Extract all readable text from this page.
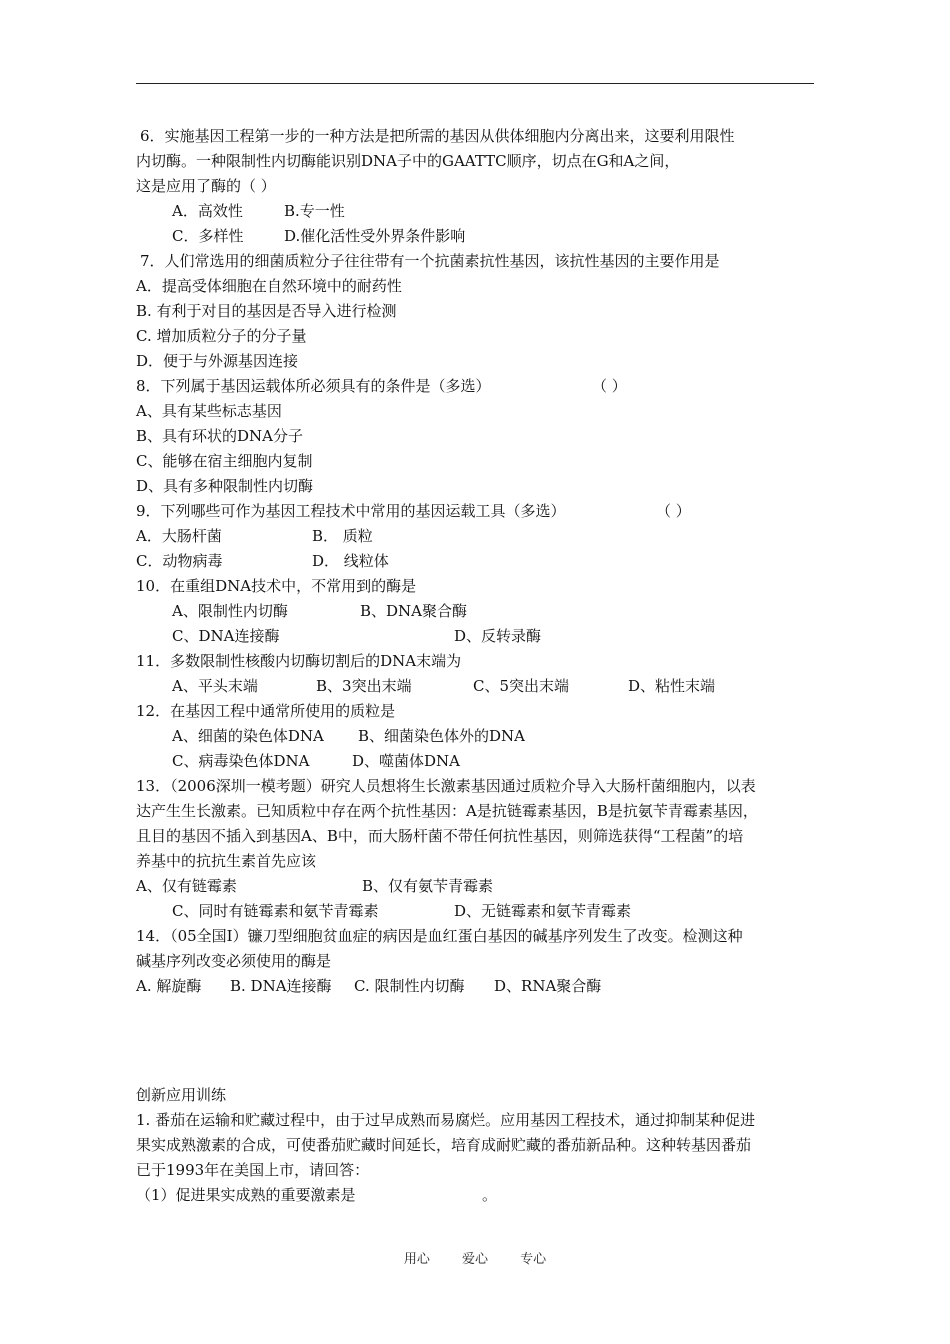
6．实施基因工程第一步的一种方法是把所需的基因从供体细胞内分离出来，这要利用限性
内切酶。一种限制性内切酶能识别DNA子中的GAATTC顺序，切点在G和A之间，
这是应用了酶的（ ）
A．高效性	B.专一性
C．多样性	D.催化活性受外界条件影响
7．人们常选用的细菌质粒分子往往带有一个抗菌素抗性基因，该抗性基因的主要作用是
A．提高受体细胞在自然环境中的耐药性
B. 有利于对目的基因是否导入进行检测
C. 增加质粒分子的分子量
D．便于与外源基因连接
8．下列属于基因运载体所必须具有的条件是（多选）	（ ）
A、具有某些标志基因
B、具有环状的DNA分子
C、能够在宿主细胞内复制
D、具有多种限制性内切酶
9．下列哪些可作为基因工程技术中常用的基因运载工具（多选）	（ ）
A．大肠杆菌	B． 质粒
C．动物病毒	D． 线粒体
10．在重组DNA技术中，不常用到的酶是
A、限制性内切酶	B、DNA聚合酶
C、DNA连接酶	D、反转录酶
11．多数限制性核酸内切酶切割后的DNA末端为
A、平头末端	B、3突出末端	C、5突出末端	D、粘性末端
12．在基因工程中通常所使用的质粒是
A、细菌的染色体DNA B、细菌染色体外的DNA
C、病毒染色体DNA	D、噬菌体DNA
13．（2006深圳一模考题）研究人员想将生长激素基因通过质粒介导入大肠杆菌细胞内，以表
达产生生长激素。已知质粒中存在两个抗性基因：A是抗链霉素基因，B是抗氨苄青霉素基因，
且目的基因不插入到基因A、B中，而大肠杆菌不带任何抗性基因，则筛选获得“工程菌”的培
养基中的抗抗生素首先应该
A、仅有链霉素	B、仅有氨苄青霉素
C、同时有链霉素和氨苄青霉素	D、无链霉素和氨苄青霉素
14．（05全国Ⅰ）镰刀型细胞贫血症的病因是血红蛋白基因的碱基序列发生了改变。检测这种
碱基序列改变必须使用的酶是
A. 解旋酶 B. DNA连接酶 C. 限制性内切酶 D、RNA聚合酶
创新应用训练
1. 番茄在运输和贮藏过程中，由于过早成熟而易腐烂。应用基因工程技术，通过抑制某种促进
果实成熟激素的合成，可使番茄贮藏时间延长，培育成耐贮藏的番茄新品种。这种转基因番茄
已于1993年在美国上市，请回答：
（1）促进果实成熟的重要激素是	。
用心 爱心 专心
